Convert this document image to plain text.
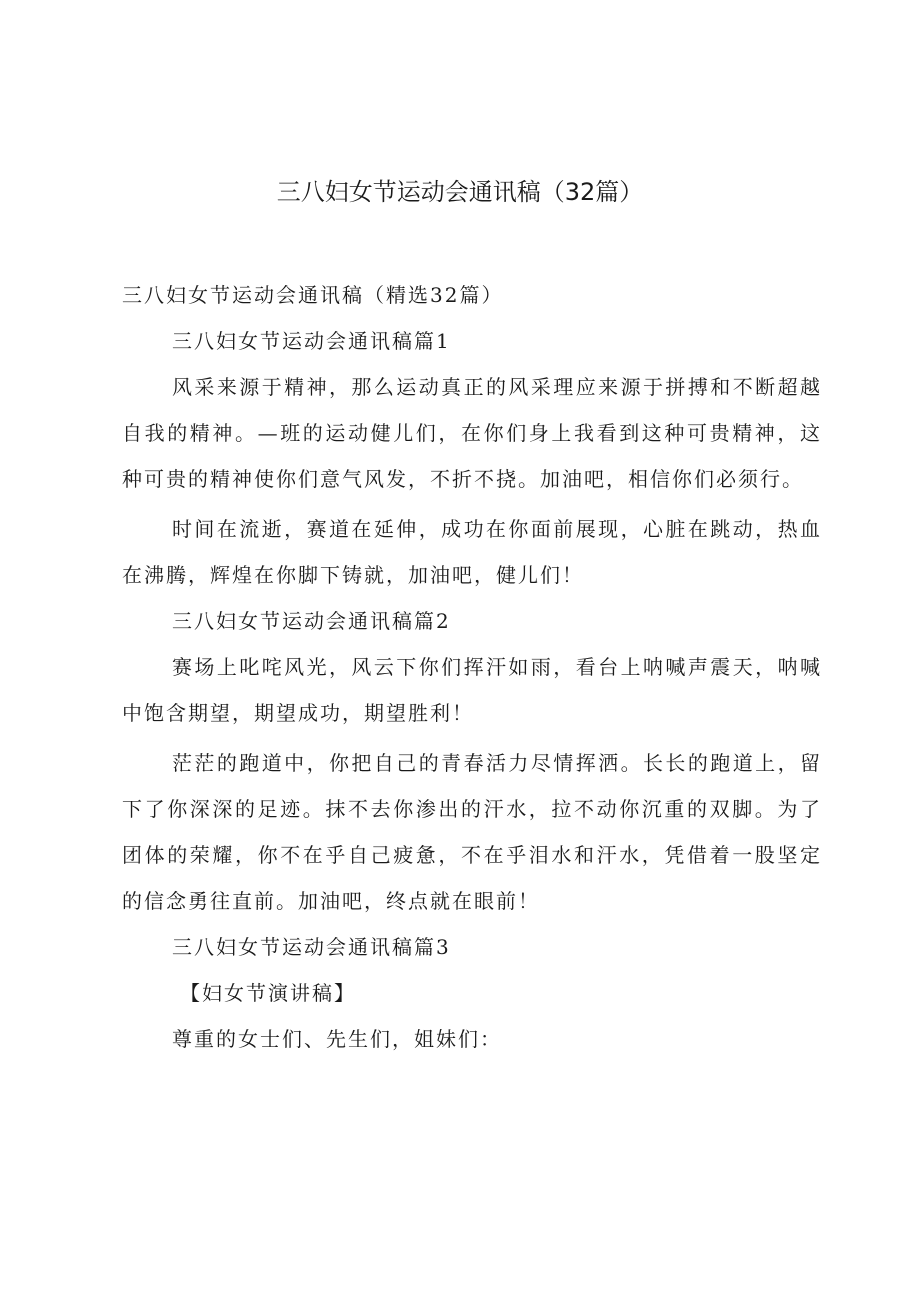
三八妇女节运动会通讯稿（32篇）

三八妇女节运动会通讯稿（精选32篇）

三八妇女节运动会通讯稿篇1

风采来源于精神，那么运动真正的风采理应来源于拼搏和不断超越自我的精神。—班的运动健儿们，在你们身上我看到这种可贵精神，这种可贵的精神使你们意气风发，不折不挠。加油吧，相信你们必须行。

时间在流逝，赛道在延伸，成功在你面前展现，心脏在跳动，热血在沸腾，辉煌在你脚下铸就，加油吧，健儿们！

三八妇女节运动会通讯稿篇2

赛场上叱咤风光，风云下你们挥汗如雨，看台上呐喊声震天，呐喊中饱含期望，期望成功，期望胜利！

茫茫的跑道中，你把自己的青春活力尽情挥洒。长长的跑道上，留下了你深深的足迹。抹不去你渗出的汗水，拉不动你沉重的双脚。为了团体的荣耀，你不在乎自己疲惫，不在乎泪水和汗水，凭借着一股坚定的信念勇往直前。加油吧，终点就在眼前！

三八妇女节运动会通讯稿篇3

【妇女节演讲稿】

尊重的女士们、先生们，姐妹们：
